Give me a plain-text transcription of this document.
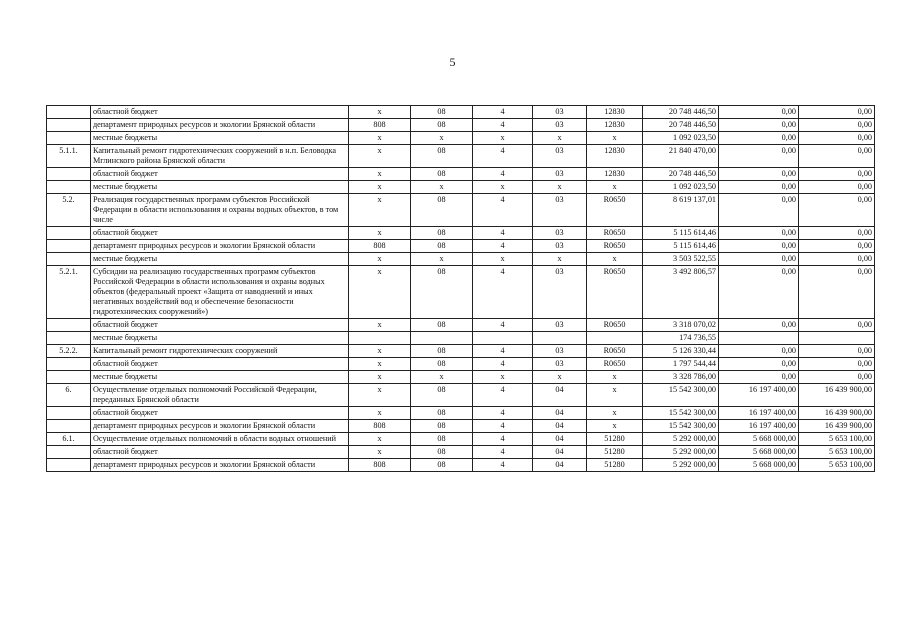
5
	областной бюджет	x	08	4	03	12830	20 748 446,50	0,00	0,00
	департамент природных ресурсов и экологии Брянской области	808	08	4	03	12830	20 748 446,50	0,00	0,00
	местные бюджеты	x	x	x	x	x	1 092 023,50	0,00	0,00
5.1.1.	Капитальный ремонт гидротехнических сооружений в н.п. Беловодка Мглинского района Брянской области	x	08	4	03	12830	21 840 470,00	0,00	0,00
	областной бюджет	x	08	4	03	12830	20 748 446,50	0,00	0,00
	местные бюджеты	x	x	x	x	x	1 092 023,50	0,00	0,00
5.2.	Реализация государственных программ субъектов Российской Федерации в области использования и охраны водных объектов, в том числе	x	08	4	03	R0650	8 619 137,01	0,00	0,00
	областной бюджет	x	08	4	03	R0650	5 115 614,46	0,00	0,00
	департамент природных ресурсов и экологии Брянской области	808	08	4	03	R0650	5 115 614,46	0,00	0,00
	местные бюджеты	x	x	x	x	x	3 503 522,55	0,00	0,00
5.2.1.	Субсидии на реализацию государственных программ субъектов Российской Федерации в области использования и охраны водных объектов (федеральный проект «Защита от наводнений и иных негативных воздействий вод и обеспечение безопасности гидротехнических сооружений»)	x	08	4	03	R0650	3 492 806,57	0,00	0,00
	областной бюджет	x	08	4	03	R0650	3 318 070,02	0,00	0,00
	местные бюджеты						174 736,55		
5.2.2.	Капитальный ремонт гидротехнических сооружений	x	08	4	03	R0650	5 126 330,44	0,00	0,00
	областной бюджет	x	08	4	03	R0650	1 797 544,44	0,00	0,00
	местные бюджеты	x	x	x	x	x	3 328 786,00	0,00	0,00
6.	Осуществление отдельных полномочий Российской Федерации, переданных Брянской области	x	08	4	04	x	15 542 300,00	16 197 400,00	16 439 900,00
	областной бюджет	x	08	4	04	x	15 542 300,00	16 197 400,00	16 439 900,00
	департамент природных ресурсов и экологии Брянской области	808	08	4	04	x	15 542 300,00	16 197 400,00	16 439 900,00
6.1.	Осуществление отдельных полномочий в области водных отношений	x	08	4	04	51280	5 292 000,00	5 668 000,00	5 653 100,00
	областной бюджет	x	08	4	04	51280	5 292 000,00	5 668 000,00	5 653 100,00
	департамент природных ресурсов и экологии Брянской области	808	08	4	04	51280	5 292 000,00	5 668 000,00	5 653 100,00
